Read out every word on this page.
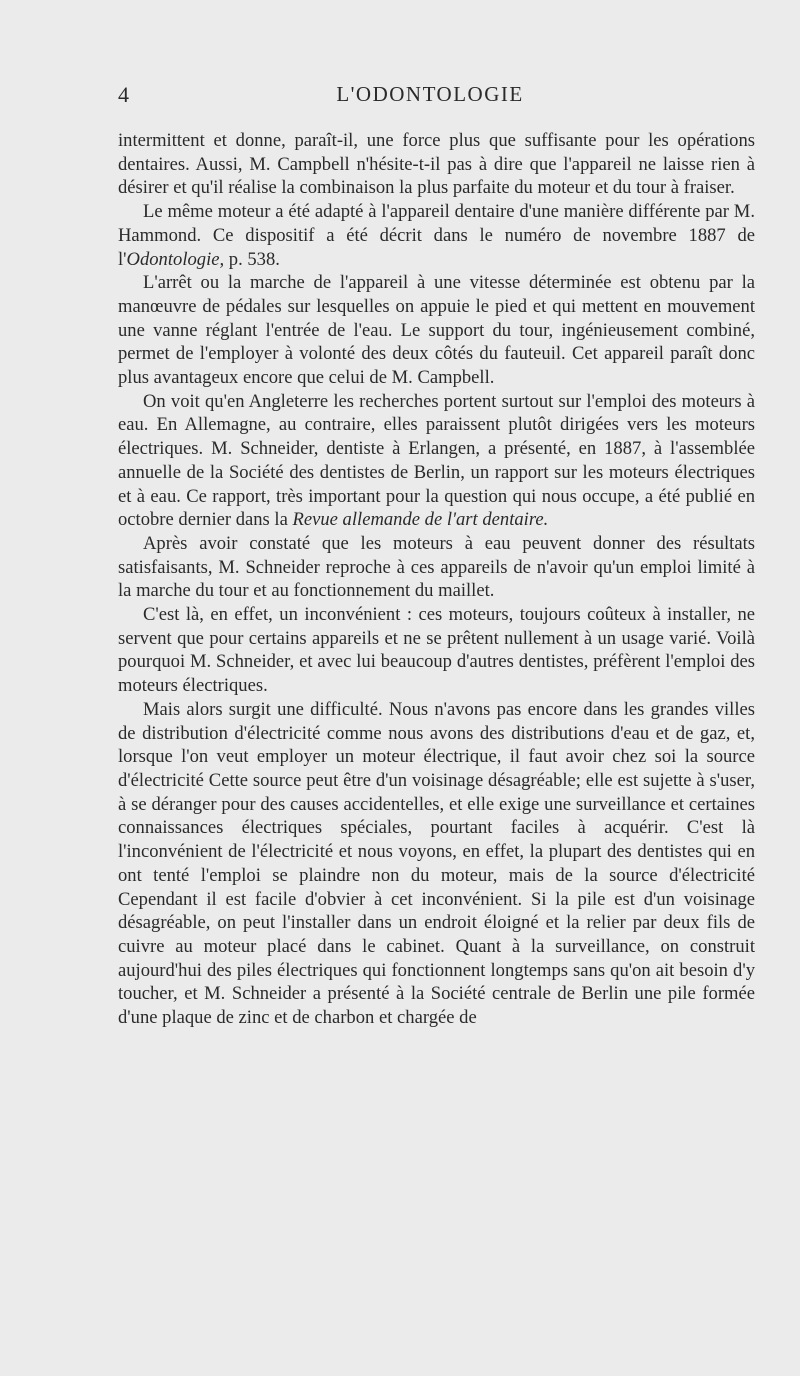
4	L'ODONTOLOGIE

intermittent et donne, paraît-il, une force plus que suffisante pour les opérations dentaires. Aussi, M. Campbell n'hésite-t-il pas à dire que l'appareil ne laisse rien à désirer et qu'il réalise la combinaison la plus parfaite du moteur et du tour à fraiser.

Le même moteur a été adapté à l'appareil dentaire d'une manière différente par M. Hammond. Ce dispositif a été décrit dans le numéro de novembre 1887 de l'Odontologie, p. 538.

L'arrêt ou la marche de l'appareil à une vitesse déterminée est obtenu par la manœuvre de pédales sur lesquelles on appuie le pied et qui mettent en mouvement une vanne réglant l'entrée de l'eau. Le support du tour, ingénieusement combiné, permet de l'employer à volonté des deux côtés du fauteuil. Cet appareil paraît donc plus avantageux encore que celui de M. Campbell.

On voit qu'en Angleterre les recherches portent surtout sur l'emploi des moteurs à eau. En Allemagne, au contraire, elles paraissent plutôt dirigées vers les moteurs électriques. M. Schneider, dentiste à Erlangen, a présenté, en 1887, à l'assemblée annuelle de la Société des dentistes de Berlin, un rapport sur les moteurs électriques et à eau. Ce rapport, très important pour la question qui nous occupe, a été publié en octobre dernier dans la Revue allemande de l'art dentaire.

Après avoir constaté que les moteurs à eau peuvent donner des résultats satisfaisants, M. Schneider reproche à ces appareils de n'avoir qu'un emploi limité à la marche du tour et au fonctionnement du maillet.

C'est là, en effet, un inconvénient : ces moteurs, toujours coûteux à installer, ne servent que pour certains appareils et ne se prêtent nullement à un usage varié. Voilà pourquoi M. Schneider, et avec lui beaucoup d'autres dentistes, préfèrent l'emploi des moteurs électriques.

Mais alors surgit une difficulté. Nous n'avons pas encore dans les grandes villes de distribution d'électricité comme nous avons des distributions d'eau et de gaz, et, lorsque l'on veut employer un moteur électrique, il faut avoir chez soi la source d'électricité Cette source peut être d'un voisinage désagréable; elle est sujette à s'user, à se déranger pour des causes accidentelles, et elle exige une surveillance et certaines connaissances électriques spéciales, pourtant faciles à acquérir. C'est là l'inconvénient de l'électricité et nous voyons, en effet, la plupart des dentistes qui en ont tenté l'emploi se plaindre non du moteur, mais de la source d'électricité Cependant il est facile d'obvier à cet inconvénient. Si la pile est d'un voisinage désagréable, on peut l'installer dans un endroit éloigné et la relier par deux fils de cuivre au moteur placé dans le cabinet. Quant à la surveillance, on construit aujourd'hui des piles électriques qui fonctionnent longtemps sans qu'on ait besoin d'y toucher, et M. Schneider a présenté à la Société centrale de Berlin une pile formée d'une plaque de zinc et de charbon et chargée de
